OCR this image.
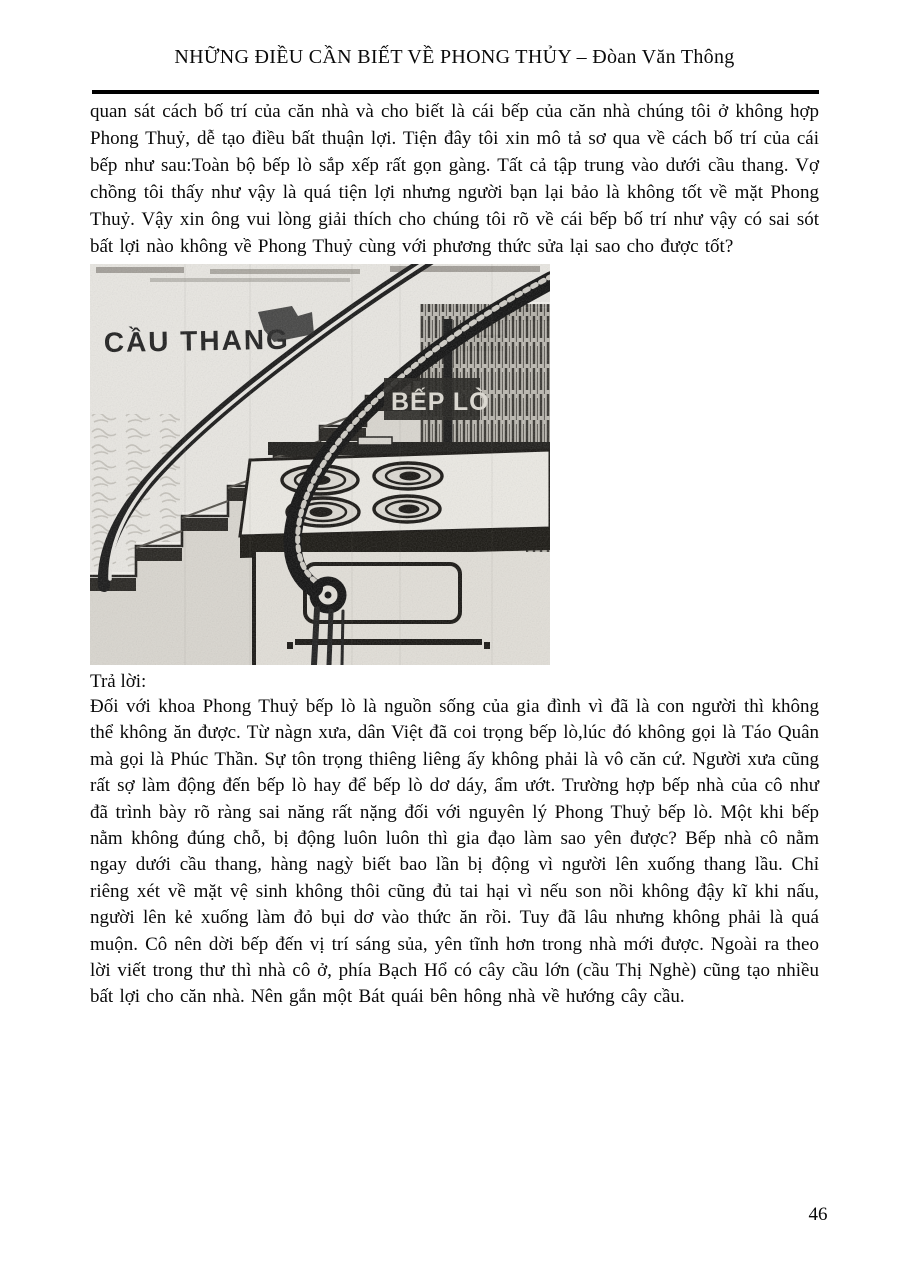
NHỮNG ĐIỀU CẦN BIẾT VỀ PHONG THỦY – Đòan Văn Thông
quan sát cách bố trí của căn nhà và cho biết là cái bếp của căn nhà chúng tôi ở không hợp Phong Thuỷ, dễ tạo điều bất thuận lợi. Tiện đây tôi xin mô tả sơ qua về cách bố trí của cái bếp như sau:Toàn bộ bếp lò sắp xếp rất gọn gàng. Tất cả tập trung vào dưới cầu thang. Vợ chồng tôi thấy như vậy là quá tiện lợi nhưng người bạn lại bảo là không tốt về mặt Phong Thuỷ. Vậy xin ông vui lòng giải thích cho chúng tôi rõ về cái bếp bố trí như vậy có sai sót bất lợi nào không về Phong Thuỷ cùng với phương thức sửa lại sao cho được tốt?
Trả lời:
Đối với khoa Phong Thuỷ bếp lò là nguồn sống của gia đình vì đã là con người thì không thể không ăn được. Từ nàgn xưa, dân Việt đã coi trọng bếp lò,lúc đó không gọi là Táo Quân mà gọi là Phúc Thần. Sự tôn trọng thiêng liêng ấy không phải là vô căn cứ. Người xưa cũng rất sợ làm động đến bếp lò hay để bếp lò dơ dáy, ẩm ướt. Trường hợp bếp nhà của cô như đã trình bày rõ ràng sai năng rất nặng đối với nguyên lý Phong Thuỷ bếp lò. Một khi bếp nằm không đúng chỗ, bị động luôn luôn thì gia đạo làm sao yên được? Bếp nhà cô nằm ngay dưới cầu thang, hàng nagỳ biết bao lần bị động vì người lên xuống thang lầu. Chỉ riêng xét về mặt vệ sinh không thôi cũng đủ tai hại vì nếu son nồi không đậy kĩ khi nấu, người lên kẻ xuống làm đỏ bụi dơ vào thức ăn rồi. Tuy đã lâu nhưng không phải là quá muộn. Cô nên dời bếp đến vị trí sáng sủa, yên tĩnh hơn trong nhà mới được. Ngoài ra theo lời viết trong thư thì nhà cô ở, phía Bạch Hổ có cây cầu lớn (cầu Thị Nghè) cũng tạo nhiều bất lợi cho căn nhà. Nên gắn một Bát quái bên hông nhà về hướng cây cầu.
46
